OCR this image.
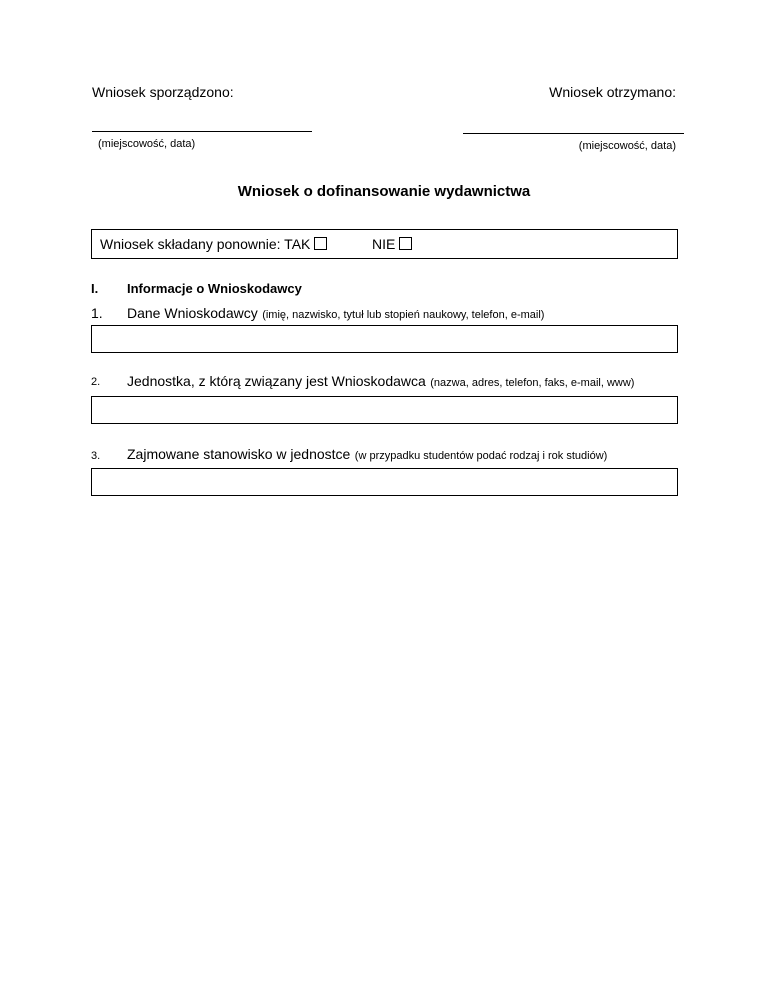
Wniosek sporządzono:	Wniosek otrzymano:
(miejscowość, data)	(miejscowość, data)
Wniosek o dofinansowanie wydawnictwa
Wniosek składany ponownie: TAK	NIE
I. Informacje o Wnioskodawcy
1. Dane Wnioskodawcy (imię, nazwisko, tytuł lub stopień naukowy, telefon, e-mail)
2. Jednostka, z którą związany jest Wnioskodawca (nazwa, adres, telefon, faks, e-mail, www)
3. Zajmowane stanowisko w jednostce (w przypadku studentów podać rodzaj i rok studiów)
